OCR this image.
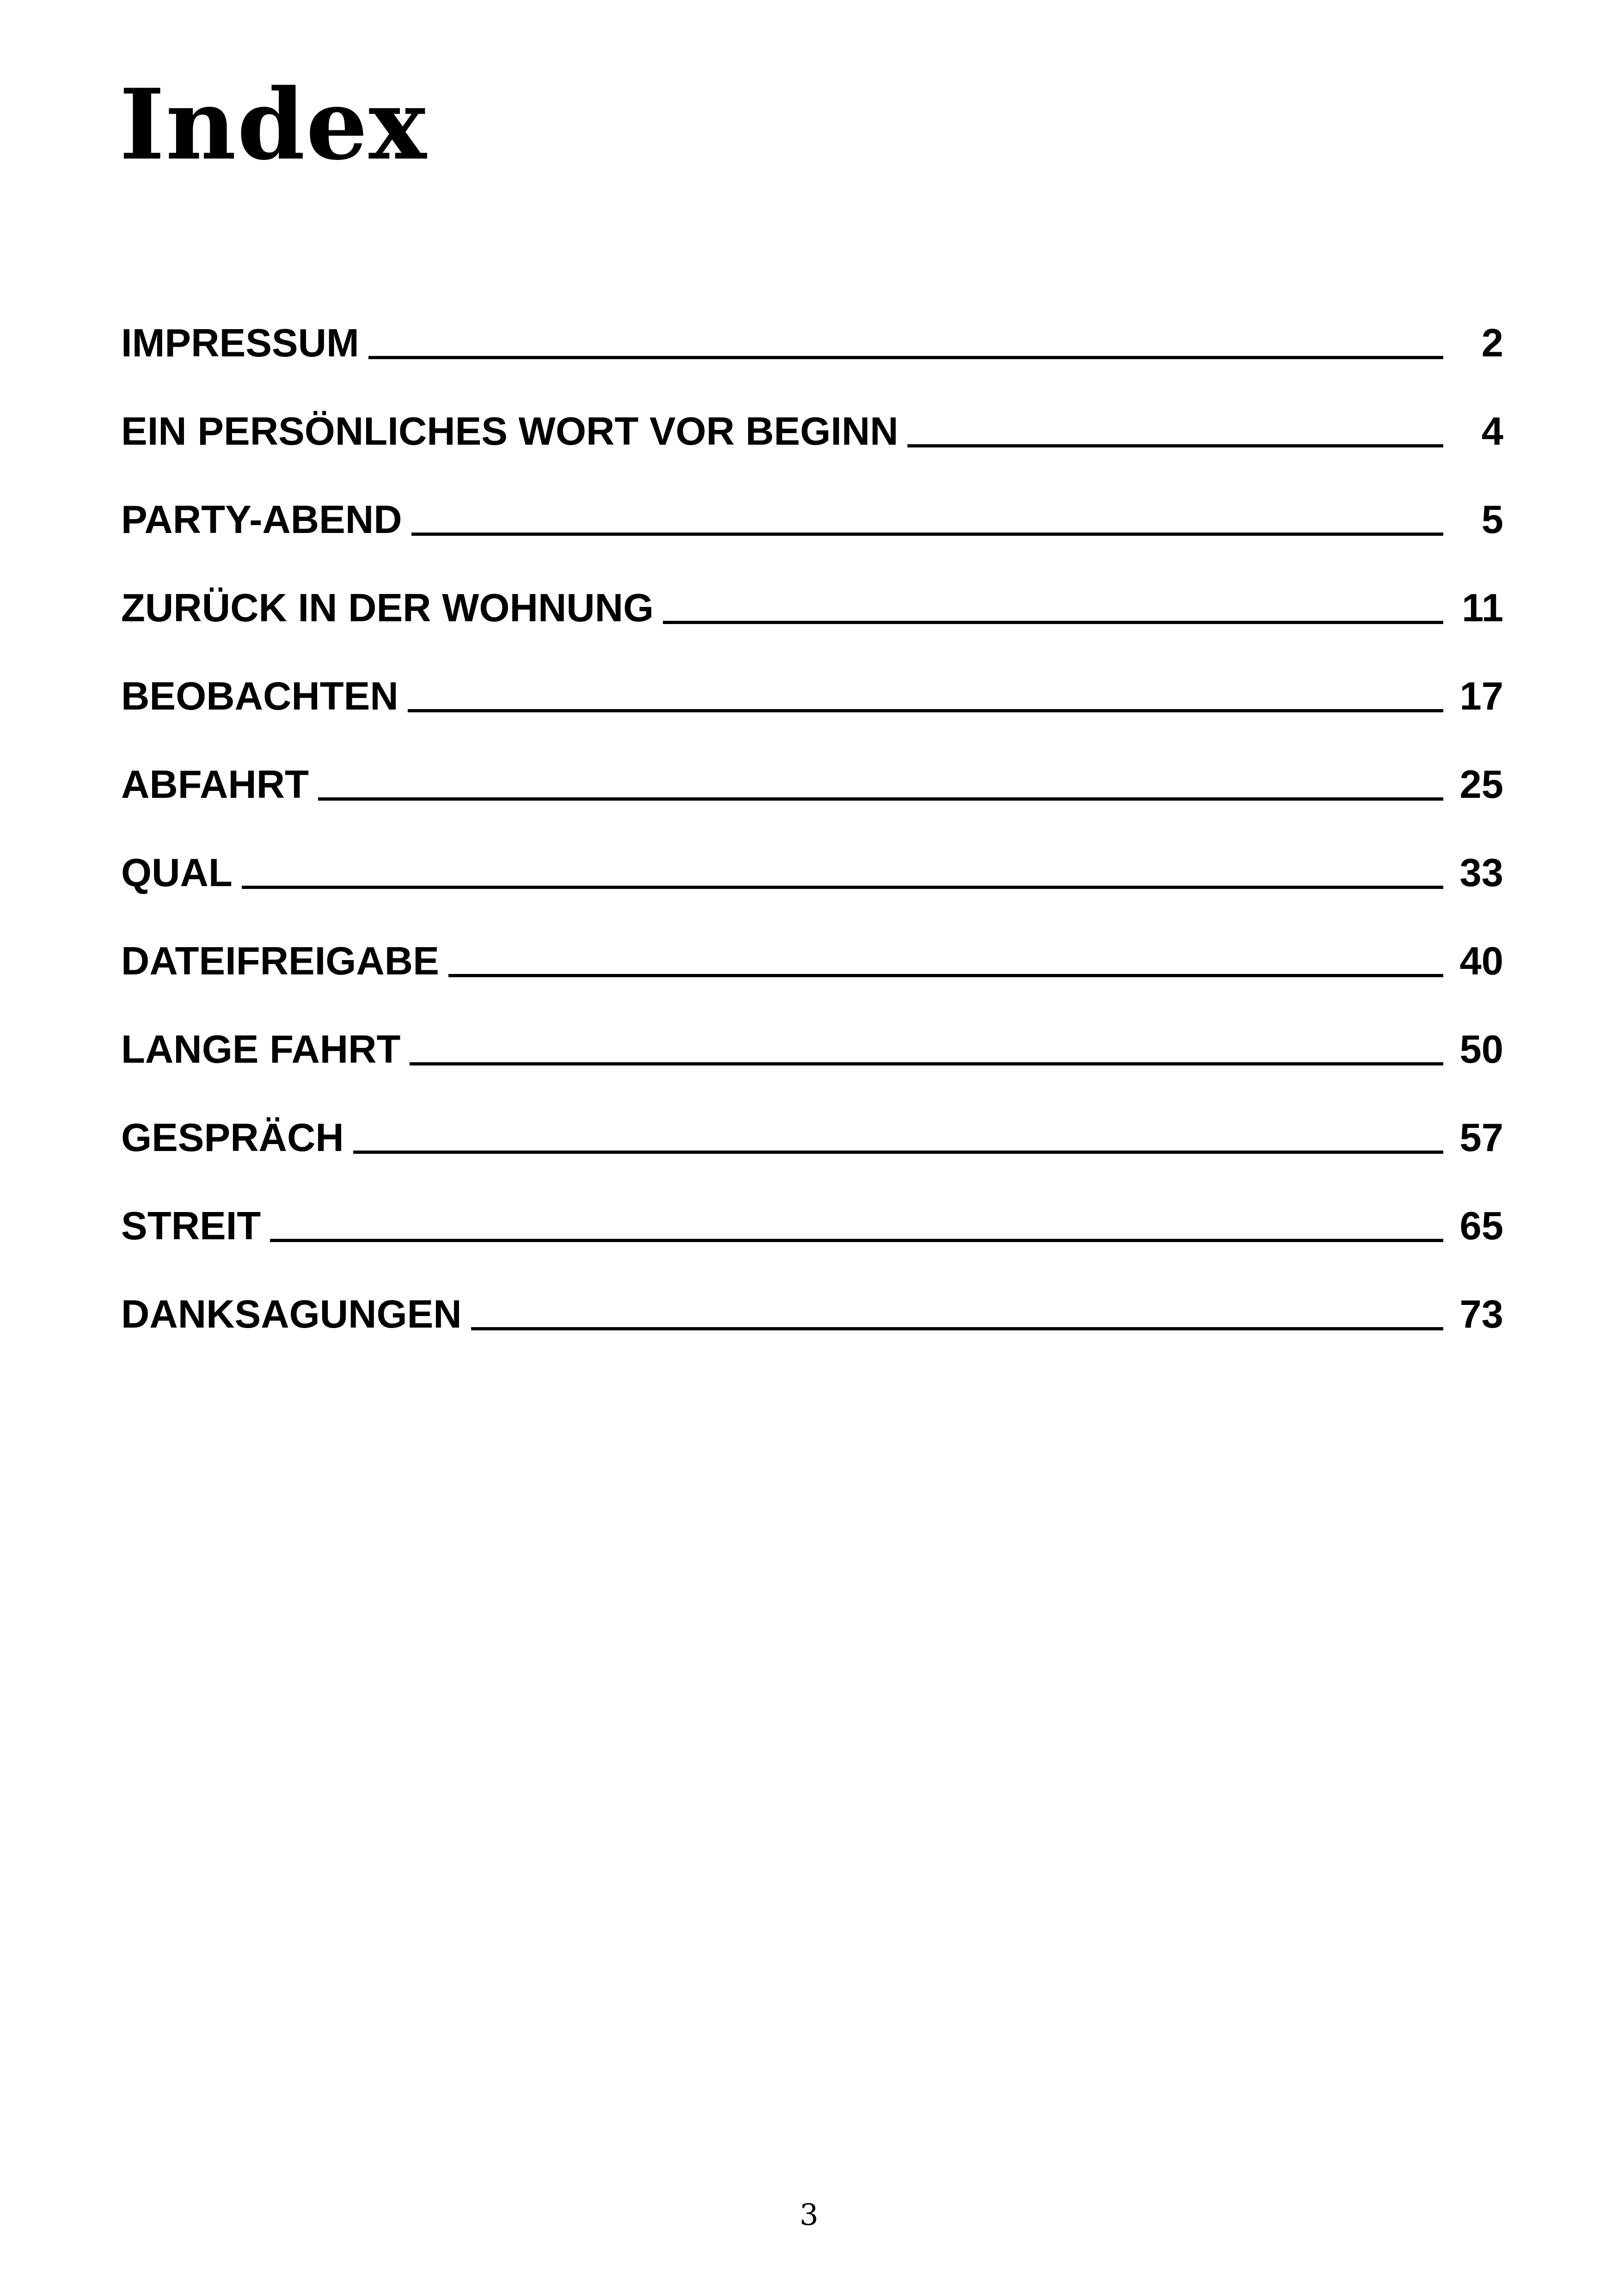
Index
IMPRESSUM	2
EIN PERSÖNLICHES WORT VOR BEGINN	4
PARTY-ABEND	5
ZURÜCK IN DER WOHNUNG	11
BEOBACHTEN	17
ABFAHRT	25
QUAL	33
DATEIFREIGABE	40
LANGE FAHRT	50
GESPRÄCH	57
STREIT	65
DANKSAGUNGEN	73
3
